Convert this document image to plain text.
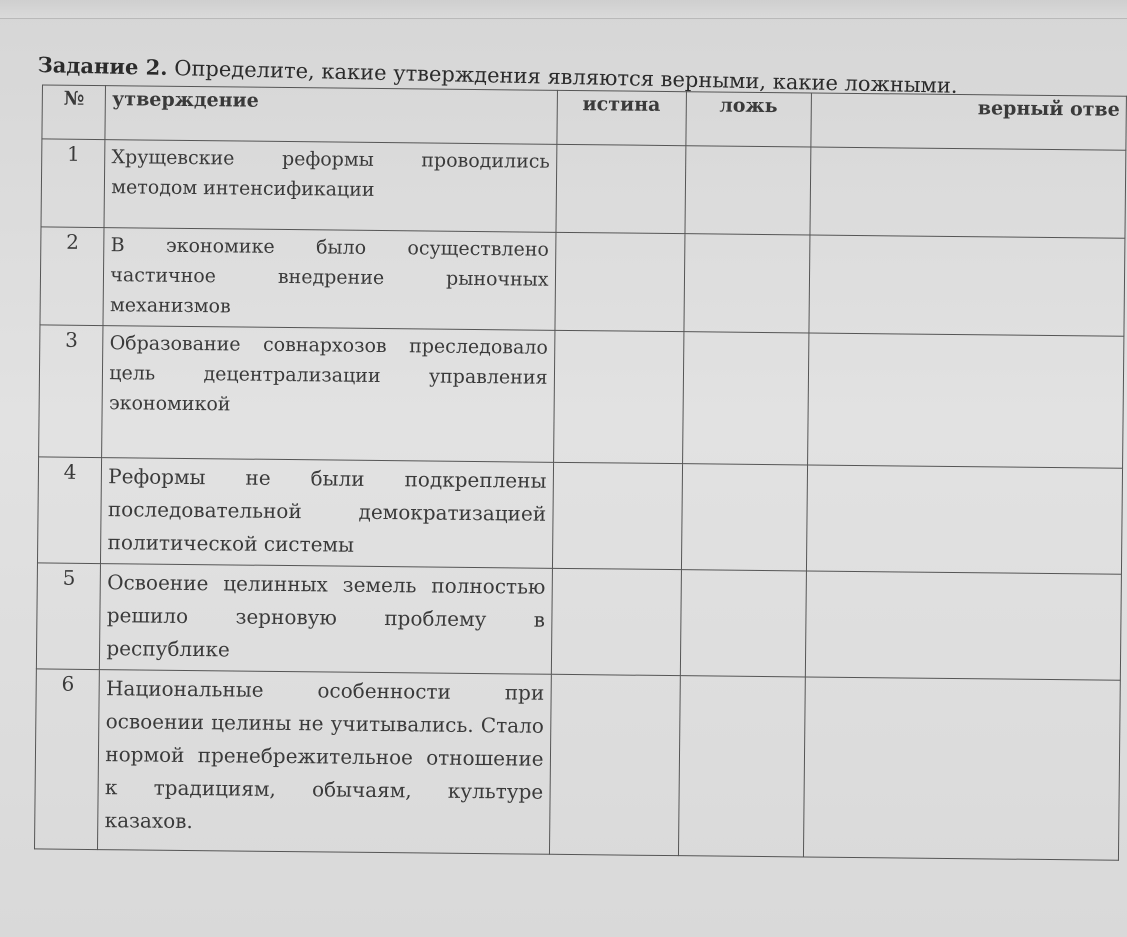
Задание 2. Определите, какие утверждения являются верными, какие ложными.
№	утверждение	истина	ложь	верный отве
1	Хрущевские реформы проводились методом интенсификации			
2	В экономике было осуществлено частичное внедрение рыночных механизмов			
3	Образование совнархозов преследовало цель децентрализации управления экономикой			
4	Реформы не были подкреплены последовательной демократизацией политической системы			
5	Освоение целинных земель полностью решило зерновую проблему в республике			
6	Национальные особенности при освоении целины не учитывались. Стало нормой пренебрежительное отношение к традициям, обычаям, культуре казахов.			
